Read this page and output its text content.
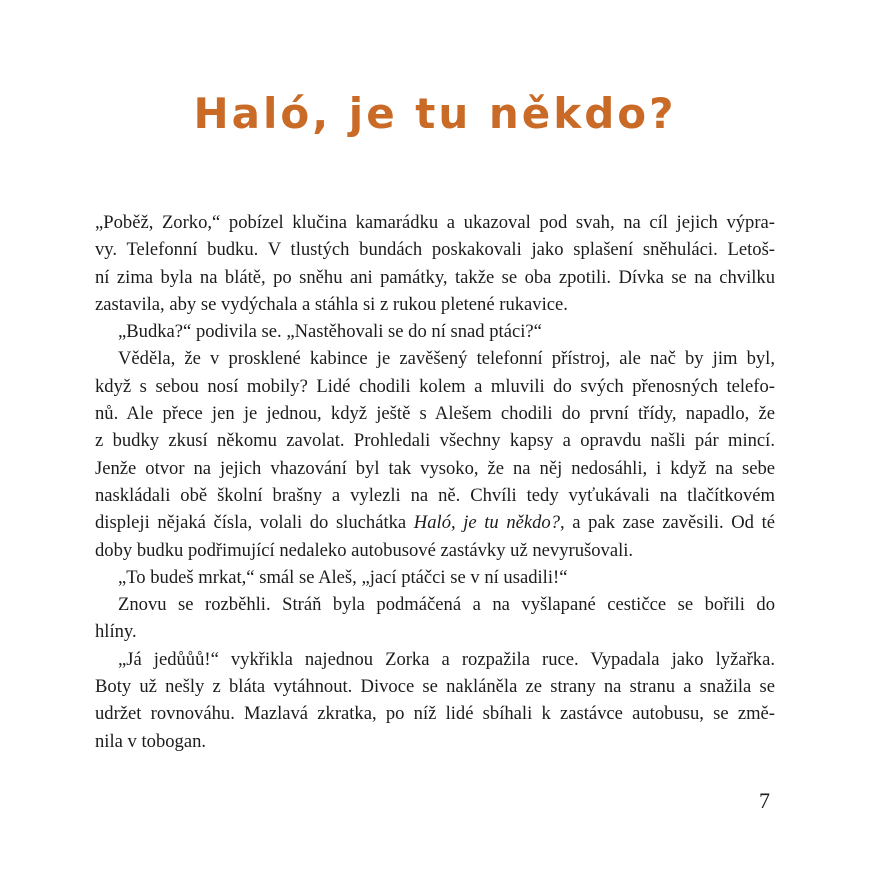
Haló, je tu někdo?
„Poběž, Zorko,“ pobízel klučina kamarádku a ukazoval pod svah, na cíl jejich výpra-
vy. Telefonní budku. V tlustých bundách poskakovali jako splašení sněhuláci. Letoš-
ní zima byla na blátě, po sněhu ani památky, takže se oba zpotili. Dívka se na chvilku
zastavila, aby se vydýchala a stáhla si z rukou pletené rukavice.
„Budka?“ podivila se. „Nastěhovali se do ní snad ptáci?“
Věděla, že v prosklené kabince je zavěšený telefonní přístroj, ale nač by jim byl,
když s sebou nosí mobily? Lidé chodili kolem a mluvili do svých přenosných telefo-
nů. Ale přece jen je jednou, když ještě s Alešem chodili do první třídy, napadlo, že
z budky zkusí někomu zavolat. Prohledali všechny kapsy a opravdu našli pár mincí.
Jenže otvor na jejich vhazování byl tak vysoko, že na něj nedosáhli, i když na sebe
naskládali obě školní brašny a vylezli na ně. Chvíli tedy vyťukávali na tlačítkovém
displeji nějaká čísla, volali do sluchátka Haló, je tu někdo?, a pak zase zavěsili. Od té
doby budku podřimující nedaleko autobusové zastávky už nevyrušovali.
„To budeš mrkat,“ smál se Aleš, „jací ptáčci se v ní usadili!“
Znovu se rozběhli. Stráň byla podmáčená a na vyšlapané cestičce se bořili do
hlíny.
„Já jedůůů!“ vykřikla najednou Zorka a rozpažila ruce. Vypadala jako lyžařka.
Boty už nešly z bláta vytáhnout. Divoce se nakláněla ze strany na stranu a snažila se
udržet rovnováhu. Mazlavá zkratka, po níž lidé sbíhali k zastávce autobusu, se změ-
nila v tobogan.
7
